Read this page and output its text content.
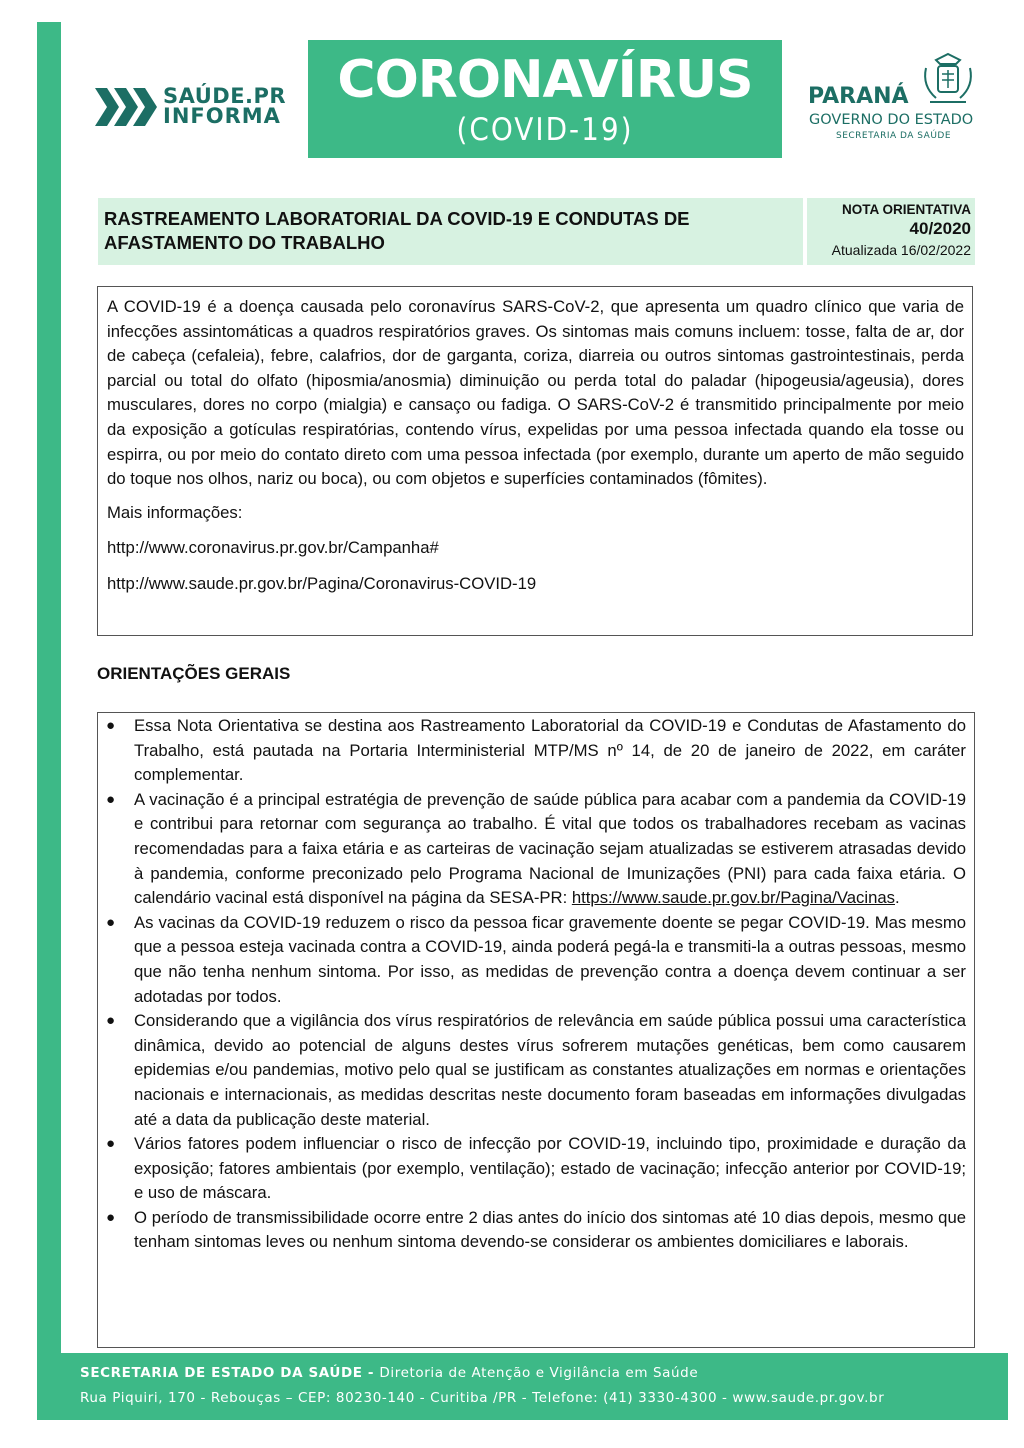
SAÚDE.PR
INFORMA
CORONAVÍRUS
(COVID-19)
PARANÁ
GOVERNO DO ESTADO
SECRETARIA DA SAÚDE
RASTREAMENTO LABORATORIAL DA COVID-19 E CONDUTAS DE AFASTAMENTO DO TRABALHO
NOTA ORIENTATIVA
40/2020
Atualizada 16/02/2022

A COVID-19 é a doença causada pelo coronavírus SARS-CoV-2, que apresenta um quadro clínico que varia de infecções assintomáticas a quadros respiratórios graves. Os sintomas mais comuns incluem: tosse, falta de ar, dor de cabeça (cefaleia), febre, calafrios, dor de garganta, coriza, diarreia ou outros sintomas gastrointestinais, perda parcial ou total do olfato (hiposmia/anosmia) diminuição ou perda total do paladar (hipogeusia/ageusia), dores musculares, dores no corpo (mialgia) e cansaço ou fadiga. O SARS-CoV-2 é transmitido principalmente por meio da exposição a gotículas respiratórias, contendo vírus, expelidas por uma pessoa infectada quando ela tosse ou espirra, ou por meio do contato direto com uma pessoa infectada (por exemplo, durante um aperto de mão seguido do toque nos olhos, nariz ou boca), ou com objetos e superfícies contaminados (fômites).

Mais informações:

http://www.coronavirus.pr.gov.br/Campanha#

http://www.saude.pr.gov.br/Pagina/Coronavirus-COVID-19

ORIENTAÇÕES GERAIS
● Essa Nota Orientativa se destina aos Rastreamento Laboratorial da COVID-19 e Condutas de Afastamento do Trabalho, está pautada na Portaria Interministerial MTP/MS nº 14, de 20 de janeiro de 2022, em caráter complementar.
● A vacinação é a principal estratégia de prevenção de saúde pública para acabar com a pandemia da COVID-19 e contribui para retornar com segurança ao trabalho. É vital que todos os trabalhadores recebam as vacinas recomendadas para a faixa etária e as carteiras de vacinação sejam atualizadas se estiverem atrasadas devido à pandemia, conforme preconizado pelo Programa Nacional de Imunizações (PNI) para cada faixa etária. O calendário vacinal está disponível na página da SESA-PR: https://www.saude.pr.gov.br/Pagina/Vacinas.
● As vacinas da COVID-19 reduzem o risco da pessoa ficar gravemente doente se pegar COVID-19. Mas mesmo que a pessoa esteja vacinada contra a COVID-19, ainda poderá pegá-la e transmiti-la a outras pessoas, mesmo que não tenha nenhum sintoma. Por isso, as medidas de prevenção contra a doença devem continuar a ser adotadas por todos.
● Considerando que a vigilância dos vírus respiratórios de relevância em saúde pública possui uma característica dinâmica, devido ao potencial de alguns destes vírus sofrerem mutações genéticas, bem como causarem epidemias e/ou pandemias, motivo pelo qual se justificam as constantes atualizações em normas e orientações nacionais e internacionais, as medidas descritas neste documento foram baseadas em informações divulgadas até a data da publicação deste material.
● Vários fatores podem influenciar o risco de infecção por COVID-19, incluindo tipo, proximidade e duração da exposição; fatores ambientais (por exemplo, ventilação); estado de vacinação; infecção anterior por COVID-19; e uso de máscara.
● O período de transmissibilidade ocorre entre 2 dias antes do início dos sintomas até 10 dias depois, mesmo que tenham sintomas leves ou nenhum sintoma devendo-se considerar os ambientes domiciliares e laborais.
SECRETARIA DE ESTADO DA SAÚDE - Diretoria de Atenção e Vigilância em Saúde
Rua Piquiri, 170 - Rebouças – CEP: 80230-140 - Curitiba /PR - Telefone: (41) 3330-4300 - www.saude.pr.gov.br
